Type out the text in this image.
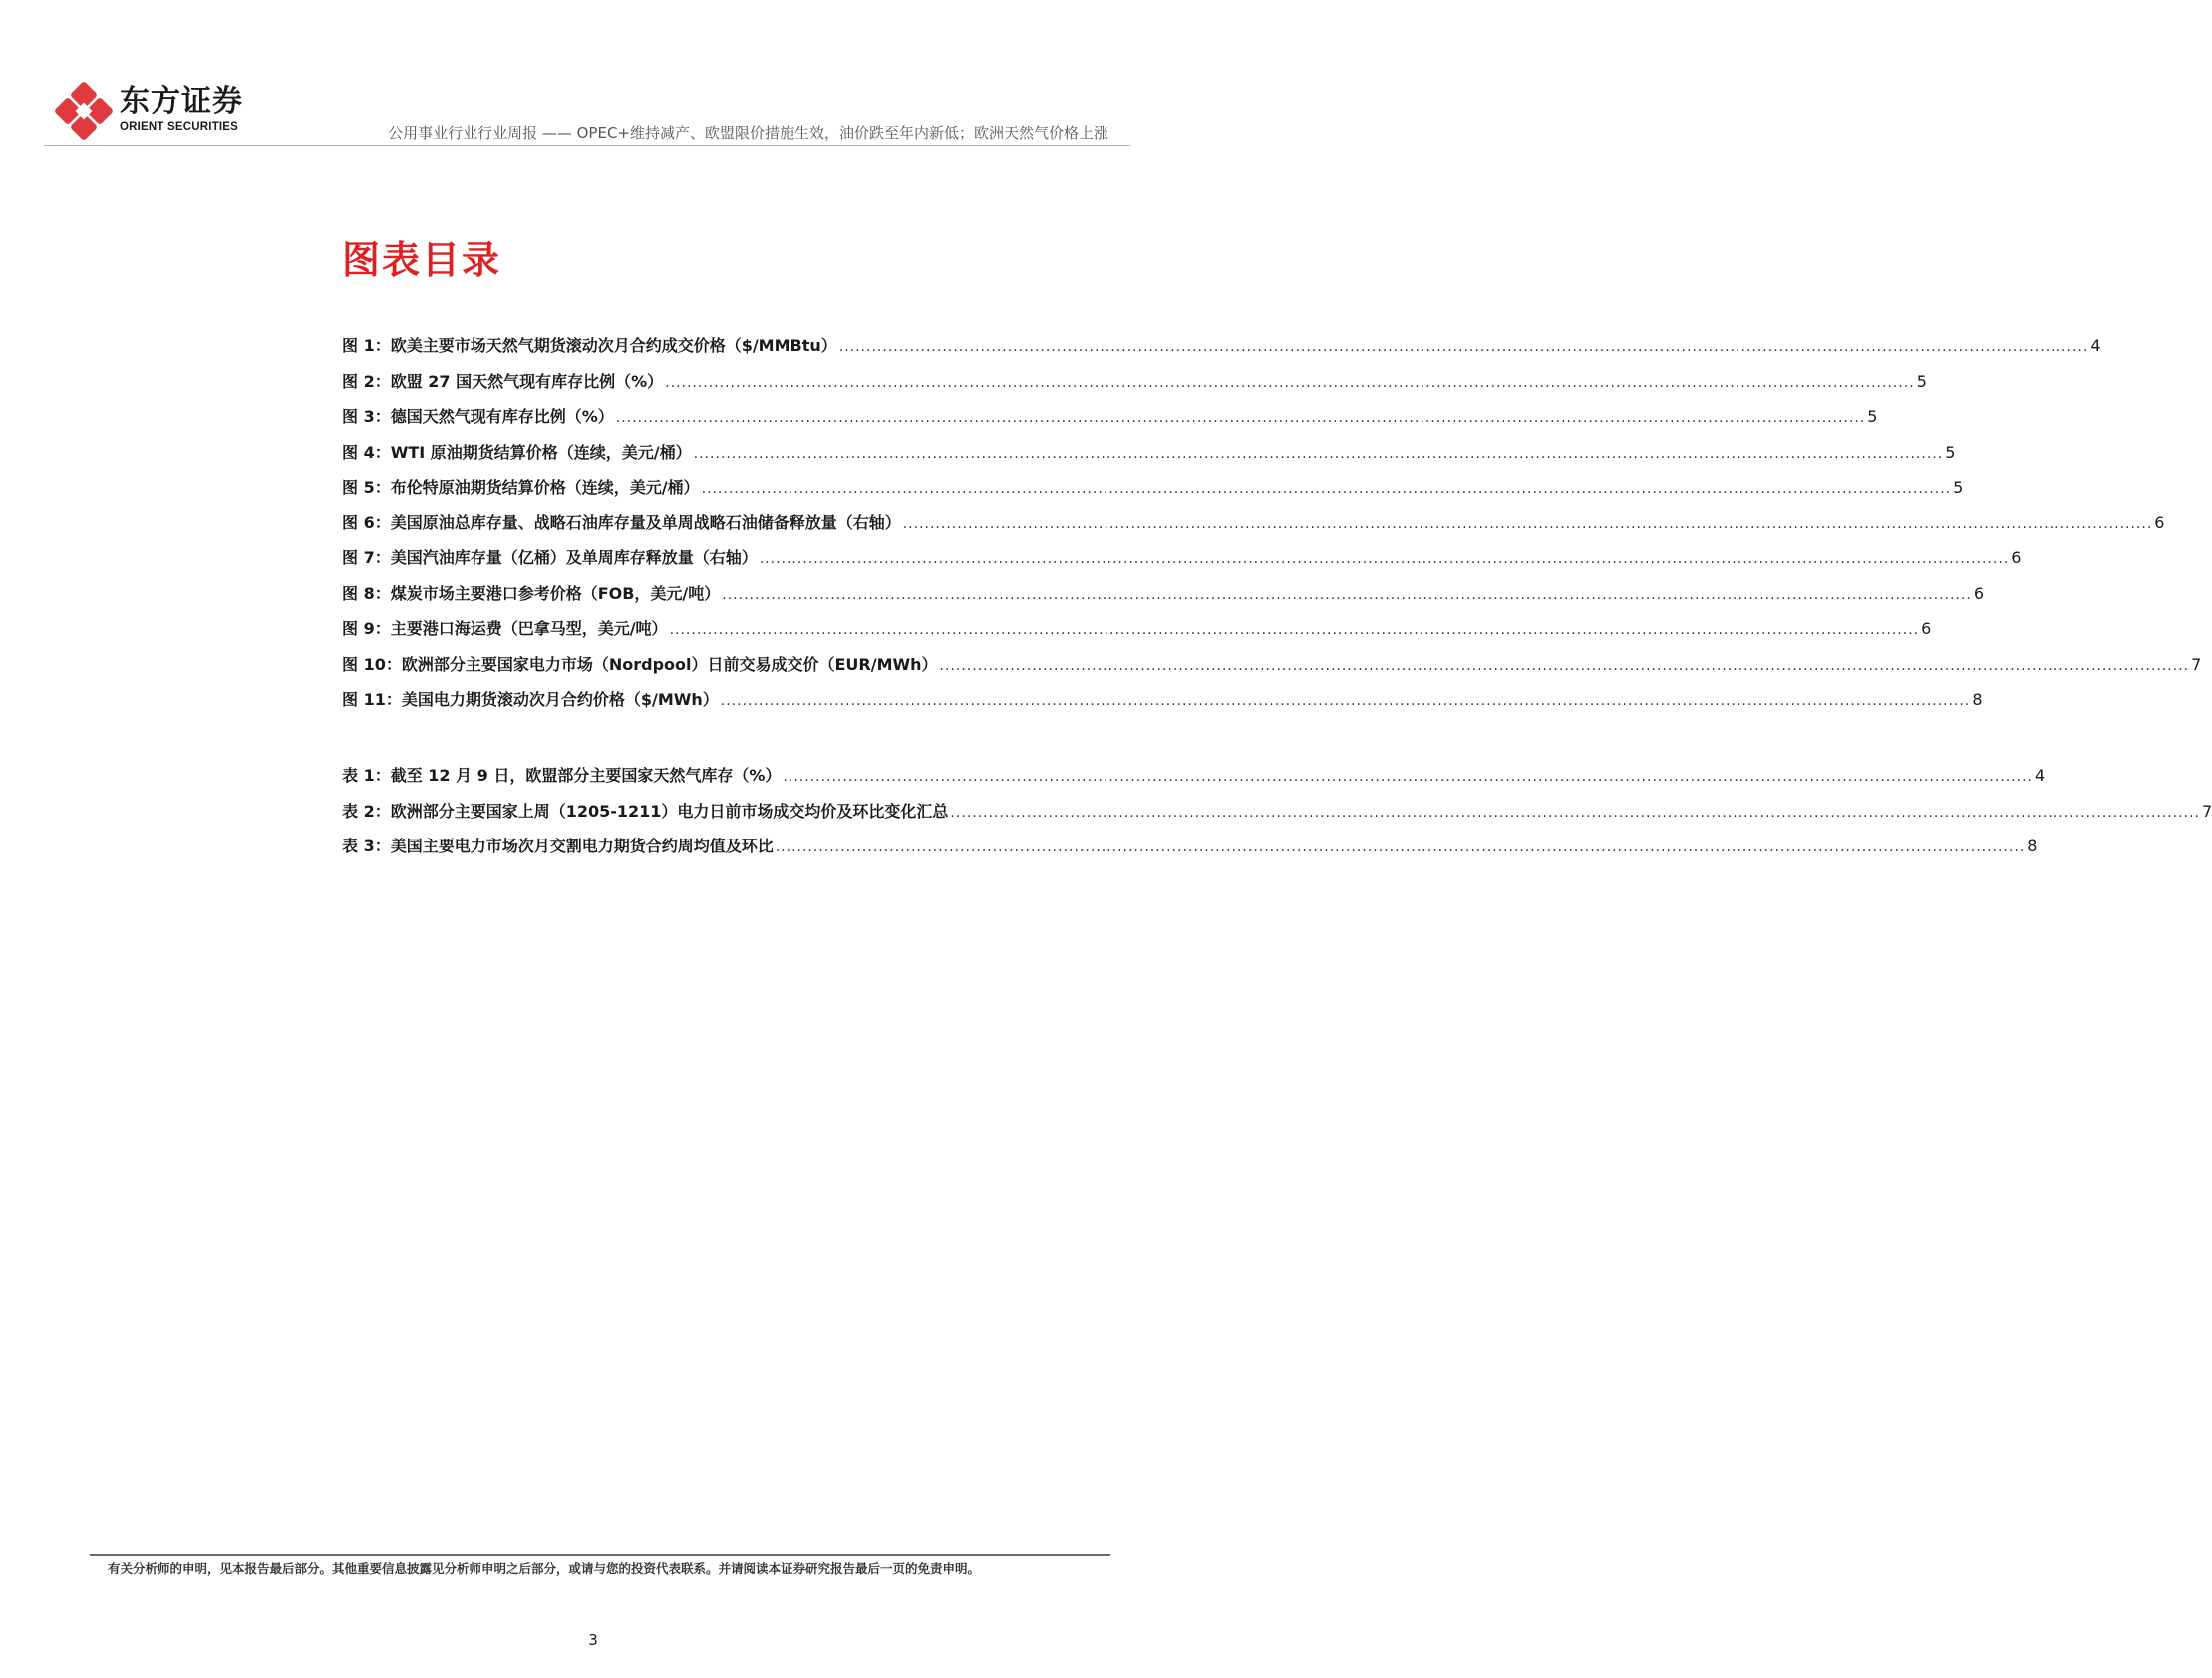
东方证券
ORIENT SECURITIES	公用事业行业行业周报 —— OPEC+维持减产、欧盟限价措施生效，油价跌至年内新低；欧洲天然气价格上涨
图表目录
图 1：欧美主要市场天然气期货滚动次月合约成交价格（$/MMBtu） .....	4
图 2：欧盟 27 国天然气现有库存比例（%） .....	5
图 3：德国天然气现有库存比例（%） .....	5
图 4：WTI 原油期货结算价格（连续，美元/桶） .....	5
图 5：布伦特原油期货结算价格（连续，美元/桶） .....	5
图 6：美国原油总库存量、战略石油库存量及单周战略石油储备释放量（右轴） .....	6
图 7：美国汽油库存量（亿桶）及单周库存释放量（右轴） .....	6
图 8：煤炭市场主要港口参考价格（FOB，美元/吨） .....	6
图 9：主要港口海运费（巴拿马型，美元/吨） .....	6
图 10：欧洲部分主要国家电力市场（Nordpool）日前交易成交价（EUR/MWh） .....	7
图 11：美国电力期货滚动次月合约价格（$/MWh） .....	8
表 1：截至 12 月 9 日，欧盟部分主要国家天然气库存（%） .....	4
表 2：欧洲部分主要国家上周（1205-1211）电力日前市场成交均价及环比变化汇总 .....	7
表 3：美国主要电力市场次月交割电力期货合约周均值及环比 .....	8
有关分析师的申明，见本报告最后部分。其他重要信息披露见分析师申明之后部分，或请与您的投资代表联系。并请阅读本证券研究报告最后一页的免责申明。
3
